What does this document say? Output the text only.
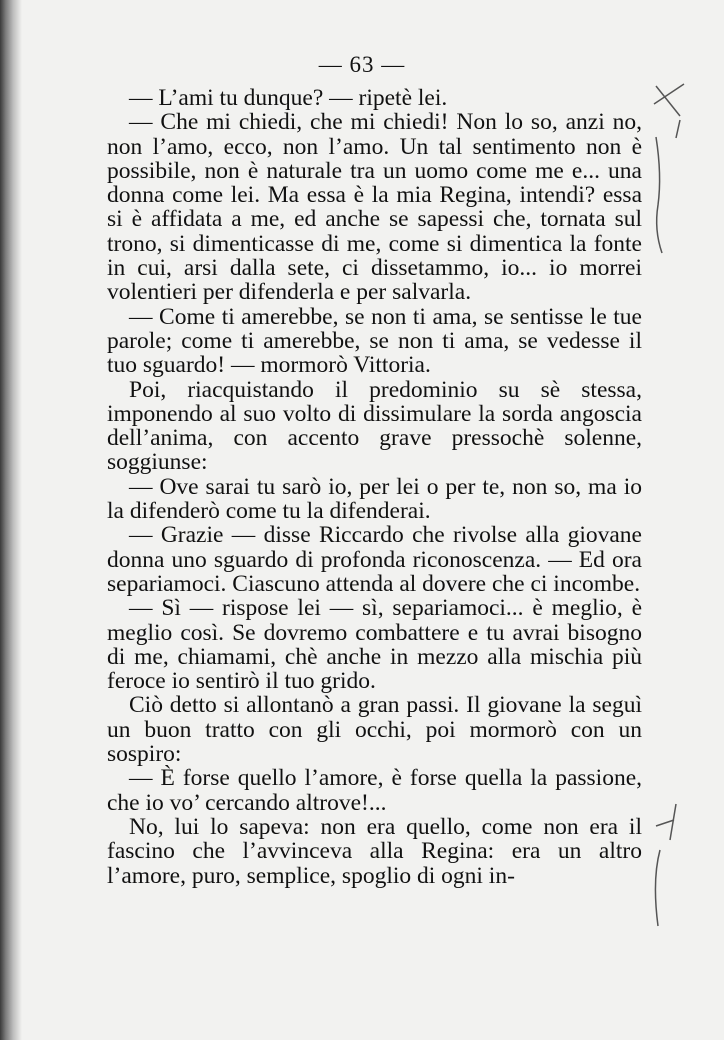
— 63 —

— L’ami tu dunque? — ripetè lei.

— Che mi chiedi, che mi chiedi! Non lo so, anzi no, non l’amo, ecco, non l’amo. Un tal sentimento non è possibile, non è naturale tra un uomo come me e... una donna come lei. Ma essa è la mia Regina, intendi? essa si è affidata a me, ed anche se sapessi che, tornata sul trono, si dimenticasse di me, come si dimentica la fonte in cui, arsi dalla sete, ci dissetammo, io... io morrei volentieri per difenderla e per salvarla.

— Come ti amerebbe, se non ti ama, se sentisse le tue parole; come ti amerebbe, se non ti ama, se vedesse il tuo sguardo! — mormorò Vittoria.

Poi, riacquistando il predominio su sè stessa, imponendo al suo volto di dissimulare la sorda angoscia dell’anima, con accento grave pressochè solenne, soggiunse:

— Ove sarai tu sarò io, per lei o per te, non so, ma io la difenderò come tu la difenderai.

— Grazie — disse Riccardo che rivolse alla giovane donna uno sguardo di profonda riconoscenza. — Ed ora separiamoci. Ciascuno attenda al dovere che ci incombe.

— Sì — rispose lei — sì, separiamoci... è meglio, è meglio così. Se dovremo combattere e tu avrai bisogno di me, chiamami, chè anche in mezzo alla mischia più feroce io sentirò il tuo grido.

Ciò detto si allontanò a gran passi. Il giovane la seguì un buon tratto con gli occhi, poi mormorò con un sospiro:

— È forse quello l’amore, è forse quella la passione, che io vo’ cercando altrove!...

No, lui lo sapeva: non era quello, come non era il fascino che l’avvinceva alla Regina: era un altro l’amore, puro, semplice, spoglio di ogni in-
